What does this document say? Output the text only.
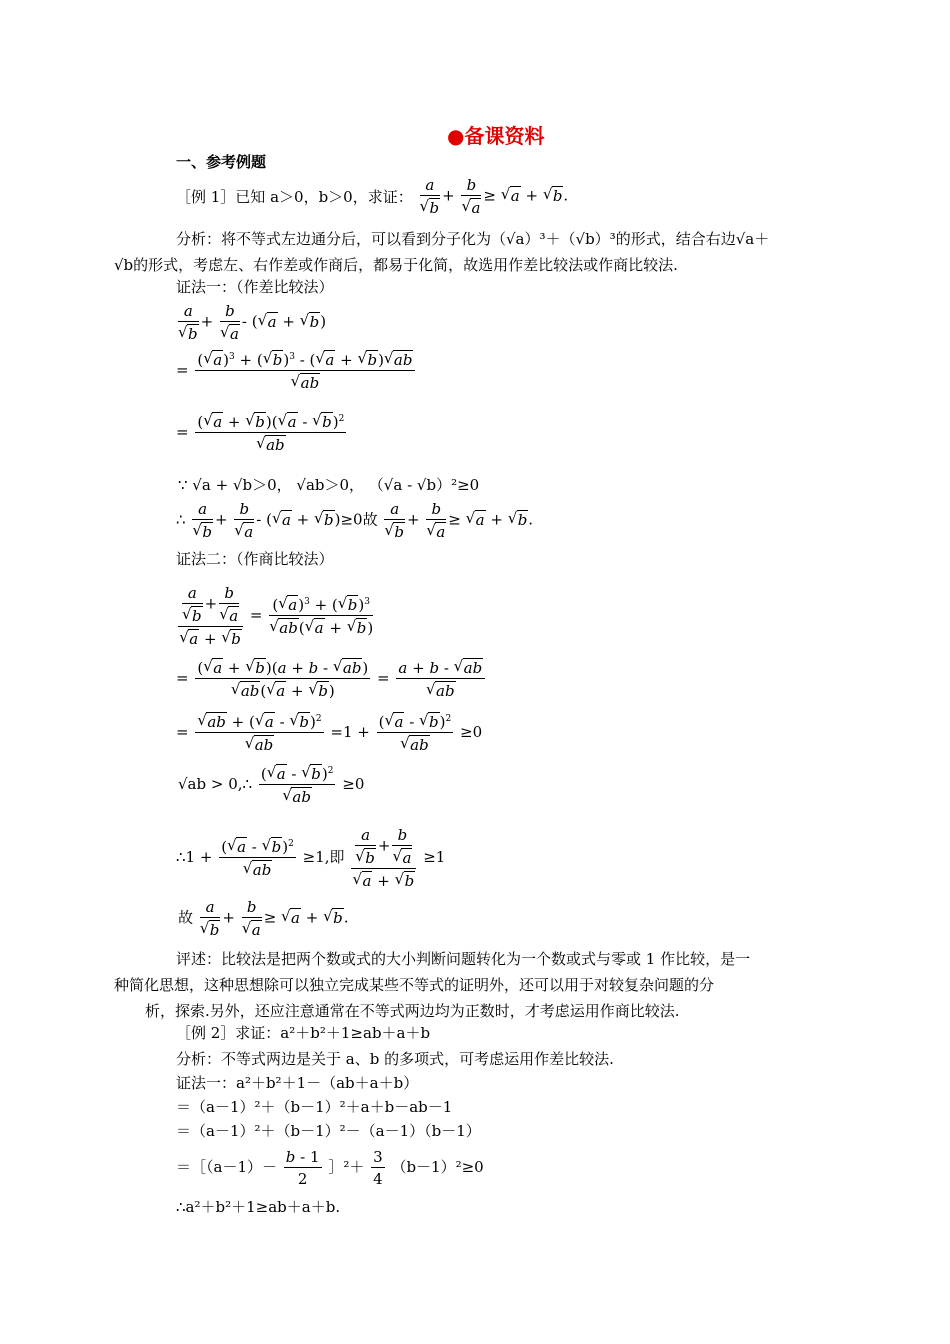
●备课资料
一、参考例题
［例 1］已知 a＞0，b＞0，求证： a
√ b + b
√ a ≥ √ a + √ b.
分析：将不等式左边通分后，可以看到分子化为（√a）³＋（√b）³的形式，结合右边√a＋
√b的形式，考虑左、右作差或作商后，都易于化简，故选用作差比较法或作商比较法.
证法一：（作差比较法）
a
√ b + b
√ a - ( √ a + √ b)
= ( √ a)$^3$ + ( √ b)$^3$ - ( √ a + √ b) √ ab
√ ab
= ( √ a + √ b)( √ a - √ b)$^2$
√ ab
∵ √a + √b＞0， √ab＞0， （√a - √b）²≥0
∴ a
√ b + b
√ a - ( √ a + √ b)≥0故 a
√ b + b
√ a ≥ √ a + √ b.
证法二：（作商比较法）
a
√ b + b
√ a
√ a + √ b = ( √ a)$^3$ + ( √ b)$^3$
√ ab( √ a + √ b)
= ( √ a + √ b)(a + b - √ ab)
√ ab( √ a + √ b) = a + b - √ ab
√ ab
= √ ab + ( √ a - √ b)$^2$
√ ab =1 + ( √ a - √ b)$^2$
√ ab ≥0
√ab > 0,∴ ( √ a - √ b)$^2$
√ ab ≥0
∴1 + ( √ a - √ b)$^2$
√ ab ≥1,即 a
√ b + b
√ a
√ a + √ b ≥1
故 a
√ b + b
√ a ≥ √ a + √ b.
评述：比较法是把两个数或式的大小判断问题转化为一个数或式与零或 1 作比较，是一
种简化思想，这种思想除可以独立完成某些不等式的证明外，还可以用于对较复杂问题的分
析，探索.另外，还应注意通常在不等式两边均为正数时，才考虑运用作商比较法.
［例 2］求证：a²＋b²＋1≥ab＋a＋b
分析：不等式两边是关于 a、b 的多项式，可考虑运用作差比较法.
证法一：a²＋b²＋1－（ab＋a＋b）
＝（a－1）²＋（b－1）²＋a＋b－ab－1
＝（a－1）²＋（b－1）²－（a－1）（b－1）
＝［（a－1）－ $\frac{b - 1}{2}$ ］²＋ $\frac{3}{4} (b-1)^2\ge 0$
∴a²＋b²＋1≥ab＋a＋b.
